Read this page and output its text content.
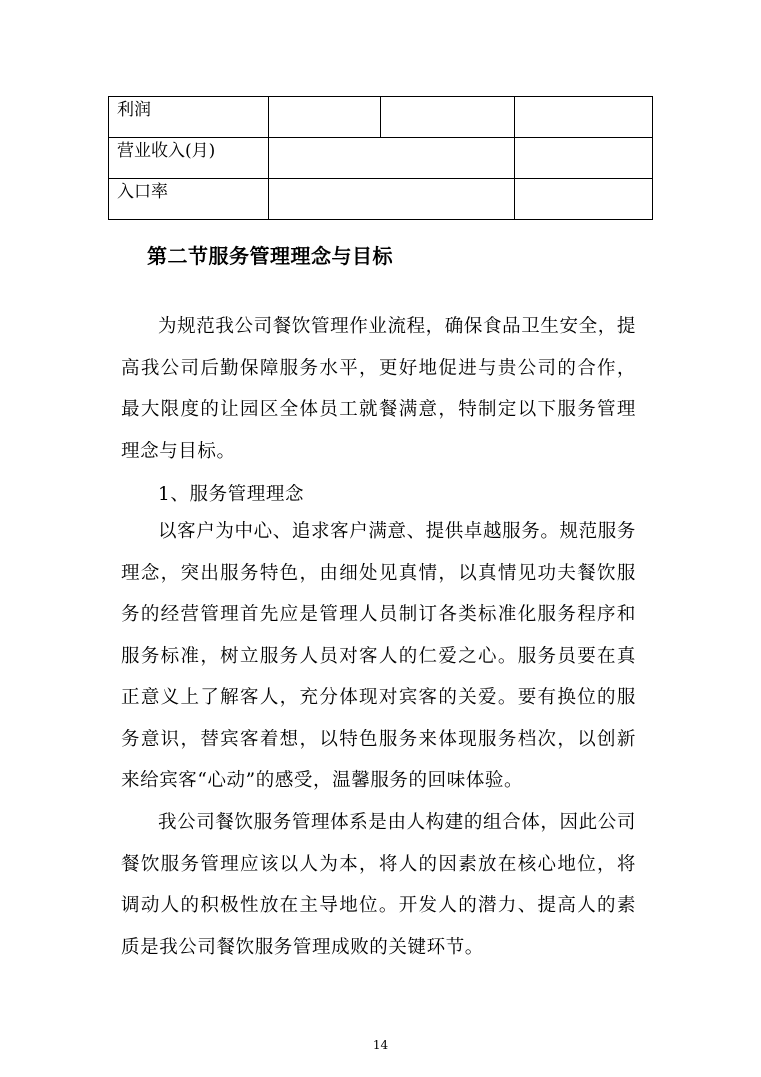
利润			
营业收入(月)			
入口率			
第二节服务管理理念与目标

为规范我公司餐饮管理作业流程，确保食品卫生安全，提高我公司后勤保障服务水平，更好地促进与贵公司的合作，最大限度的让园区全体员工就餐满意，特制定以下服务管理理念与目标。

1、服务管理理念

以客户为中心、追求客户满意、提供卓越服务。规范服务理念，突出服务特色，由细处见真情，以真情见功夫餐饮服务的经营管理首先应是管理人员制订各类标准化服务程序和服务标准，树立服务人员对客人的仁爱之心。服务员要在真正意义上了解客人，充分体现对宾客的关爱。要有换位的服务意识，替宾客着想，以特色服务来体现服务档次，以创新来给宾客“心动”的感受，温馨服务的回味体验。

我公司餐饮服务管理体系是由人构建的组合体，因此公司餐饮服务管理应该以人为本，将人的因素放在核心地位，将调动人的积极性放在主导地位。开发人的潜力、提高人的素质是我公司餐饮服务管理成败的关键环节。

14
